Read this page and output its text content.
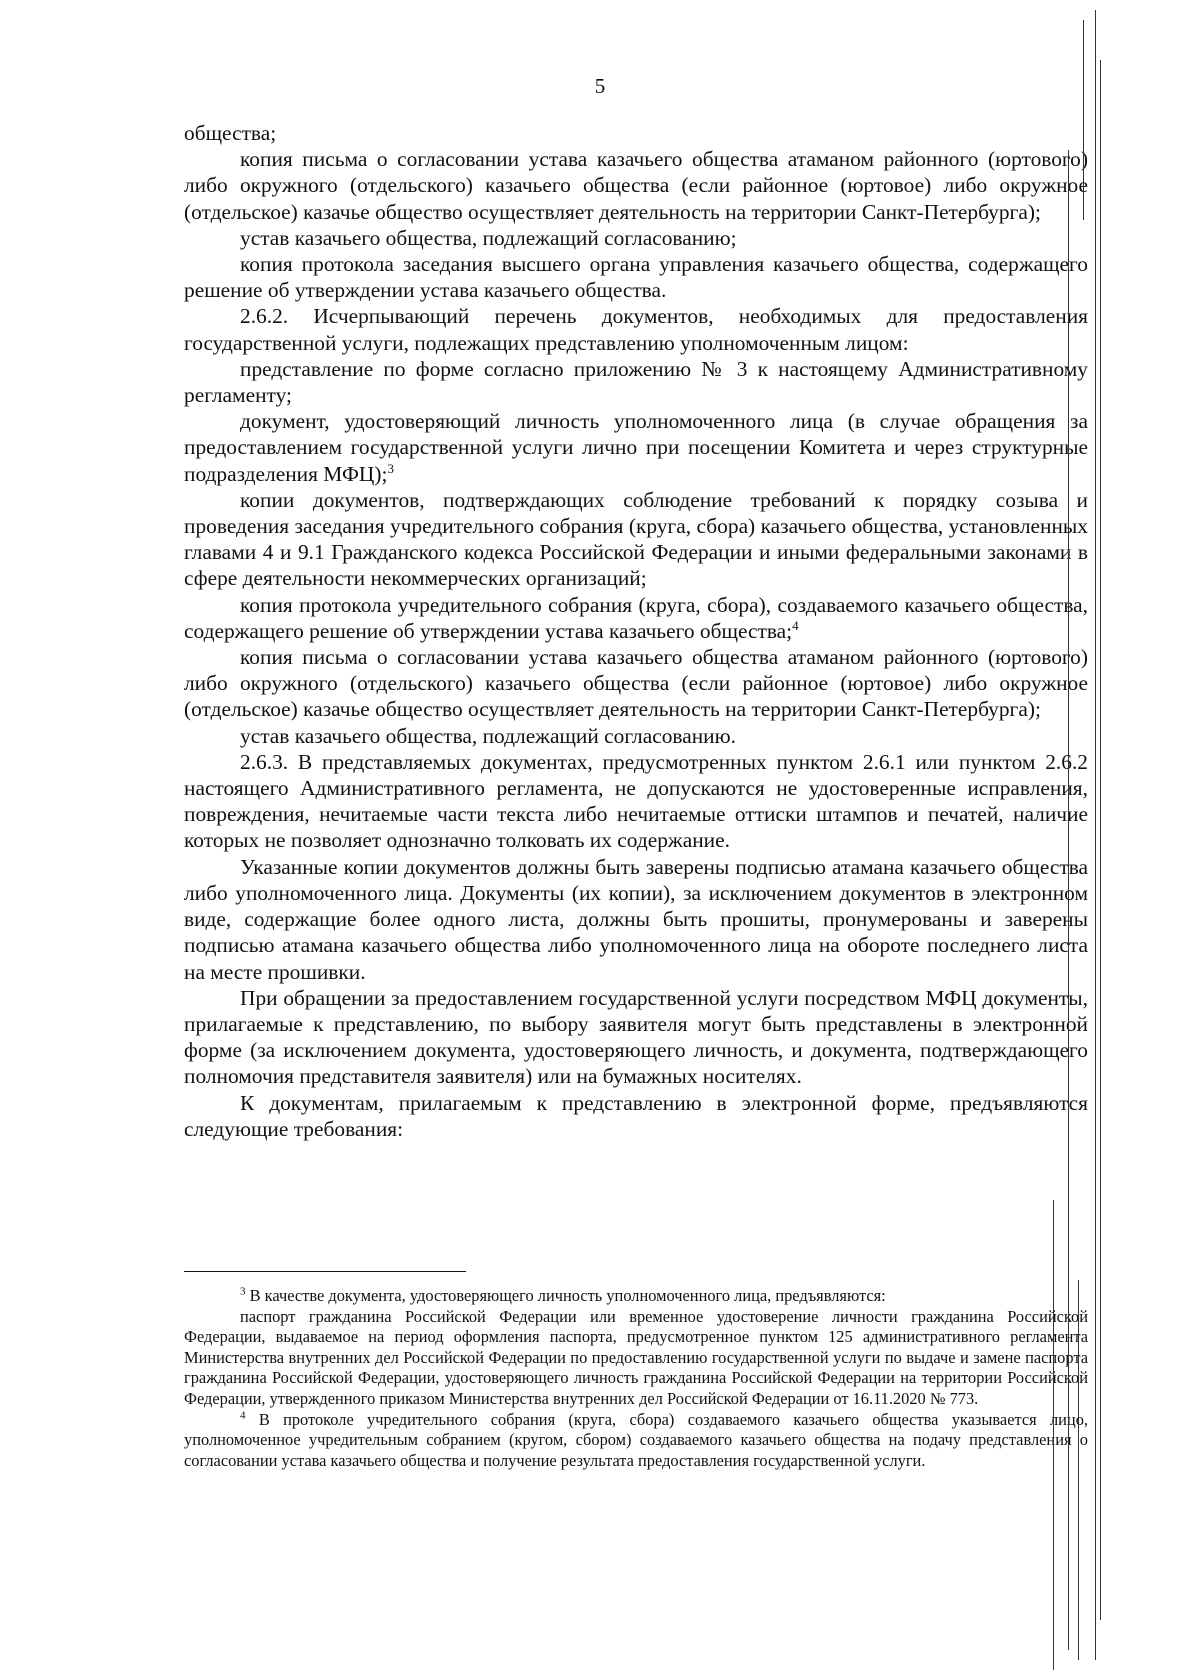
5

общества;

копия письма о согласовании устава казачьего общества атаманом районного (юртового) либо окружного (отдельского) казачьего общества (если районное (юртовое) либо окружное (отдельское) казачье общество осуществляет деятельность на территории Санкт-Петербурга);

устав казачьего общества, подлежащий согласованию;

копия протокола заседания высшего органа управления казачьего общества, содержащего решение об утверждении устава казачьего общества.

2.6.2. Исчерпывающий перечень документов, необходимых для предоставления государственной услуги, подлежащих представлению уполномоченным лицом:

представление по форме согласно приложению № 3 к настоящему Административному регламенту;

документ, удостоверяющий личность уполномоченного лица (в случае обращения за предоставлением государственной услуги лично при посещении Комитета и через структурные подразделения МФЦ);$^3$

копии документов, подтверждающих соблюдение требований к порядку созыва и проведения заседания учредительного собрания (круга, сбора) казачьего общества, установленных главами 4 и 9.1 Гражданского кодекса Российской Федерации и иными федеральными законами в сфере деятельности некоммерческих организаций;

копия протокола учредительного собрания (круга, сбора), создаваемого казачьего общества, содержащего решение об утверждении устава казачьего общества;$^4$

копия письма о согласовании устава казачьего общества атаманом районного (юртового) либо окружного (отдельского) казачьего общества (если районное (юртовое) либо окружное (отдельское) казачье общество осуществляет деятельность на территории Санкт-Петербурга);

устав казачьего общества, подлежащий согласованию.

2.6.3. В представляемых документах, предусмотренных пунктом 2.6.1 или пунктом 2.6.2 настоящего Административного регламента, не допускаются не удостоверенные исправления, повреждения, нечитаемые части текста либо нечитаемые оттиски штампов и печатей, наличие которых не позволяет однозначно толковать их содержание.

Указанные копии документов должны быть заверены подписью атамана казачьего общества либо уполномоченного лица. Документы (их копии), за исключением документов в электронном виде, содержащие более одного листа, должны быть прошиты, пронумерованы и заверены подписью атамана казачьего общества либо уполномоченного лица на обороте последнего листа на месте прошивки.

При обращении за предоставлением государственной услуги посредством МФЦ документы, прилагаемые к представлению, по выбору заявителя могут быть представлены в электронной форме (за исключением документа, удостоверяющего личность, и документа, подтверждающего полномочия представителя заявителя) или на бумажных носителях.

К документам, прилагаемым к представлению в электронной форме, предъявляются следующие требования:

$^3$ В качестве документа, удостоверяющего личность уполномоченного лица, предъявляются:

паспорт гражданина Российской Федерации или временное удостоверение личности гражданина Российской Федерации, выдаваемое на период оформления паспорта, предусмотренное пунктом 125 административного регламента Министерства внутренних дел Российской Федерации по предоставлению государственной услуги по выдаче и замене паспорта гражданина Российской Федерации, удостоверяющего личность гражданина Российской Федерации на территории Российской Федерации, утвержденного приказом Министерства внутренних дел Российской Федерации от 16.11.2020 № 773.

$^4$ В протоколе учредительного собрания (круга, сбора) создаваемого казачьего общества указывается лицо, уполномоченное учредительным собранием (кругом, сбором) создаваемого казачьего общества на подачу представления о согласовании устава казачьего общества и получение результата предоставления государственной услуги.
